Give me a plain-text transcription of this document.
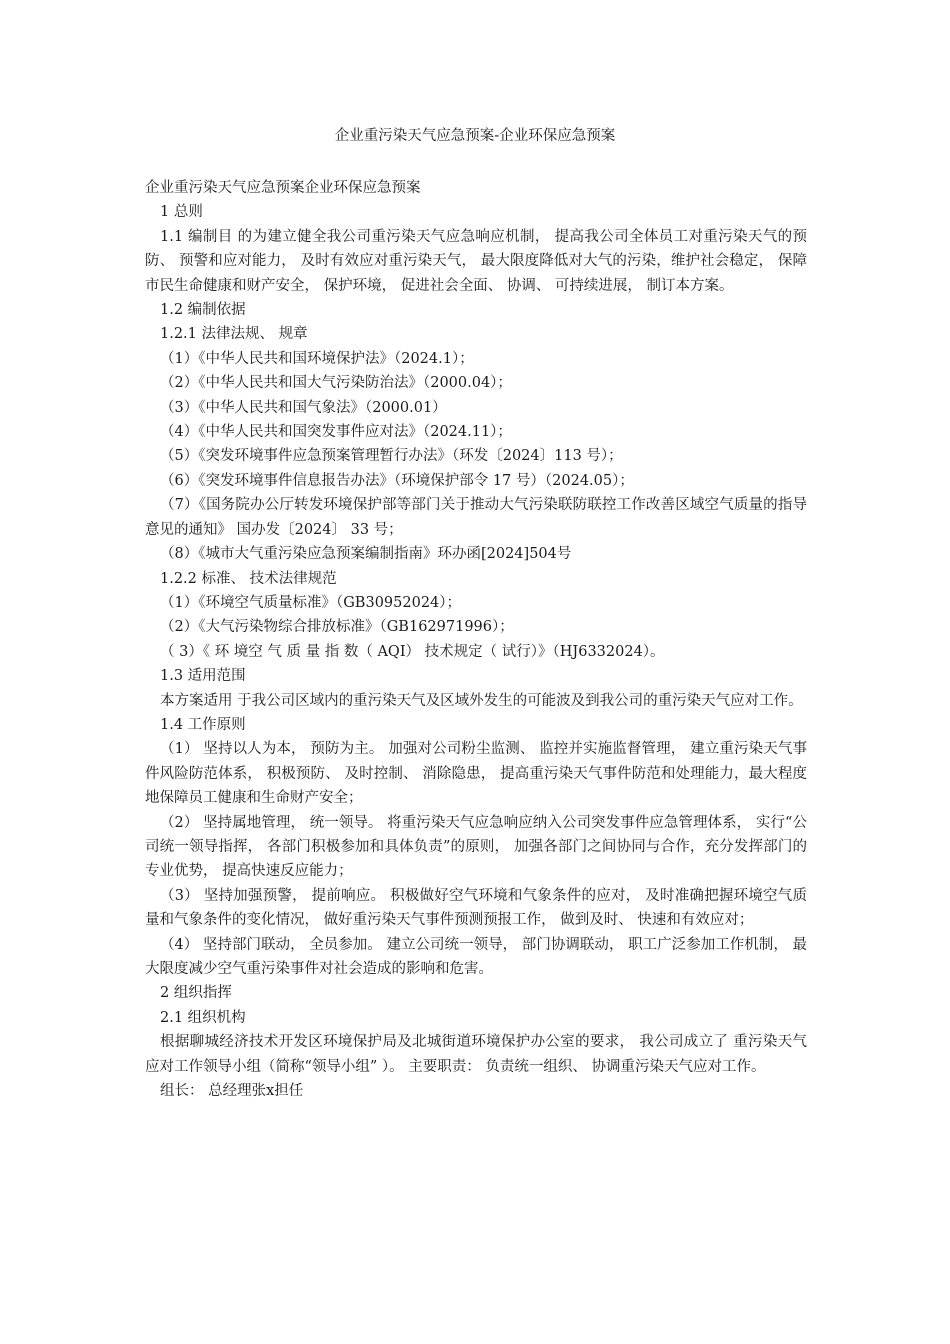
企业重污染天气应急预案-企业环保应急预案

企业重污染天气应急预案企业环保应急预案

1 总则

1.1 编制目 的为建立健全我公司重污染天气应急响应机制， 提高我公司全体员工对重污染天气的预防、 预警和应对能力， 及时有效应对重污染天气， 最大限度降低对大气的污染，维护社会稳定， 保障市民生命健康和财产安全， 保护环境， 促进社会全面、 协调、 可持续进展， 制订本方案。

1.2 编制依据

1.2.1 法律法规、 规章

（1）《中华人民共和国环境保护法》（2024.1）；

（2）《中华人民共和国大气污染防治法》（2000.04）；

（3）《中华人民共和国气象法》（2000.01）

（4）《中华人民共和国突发事件应对法》（2024.11）；

（5）《突发环境事件应急预案管理暂行办法》（环发〔2024〕113 号）；

（6）《突发环境事件信息报告办法》（环境保护部令 17 号）（2024.05）；

（7）《国务院办公厅转发环境保护部等部门关于推动大气污染联防联控工作改善区域空气质量的指导意见的通知》 国办发〔2024〕 33 号；

（8）《城市大气重污染应急预案编制指南》环办函[2024]504号

1.2.2 标准、 技术法律规范

（1）《环境空气质量标准》（GB30952024）；

（2）《大气污染物综合排放标准》（GB162971996）；

（ 3）《 环 境空 气 质 量 指 数（ AQI） 技术规定（ 试行）》（HJ6332024）。

1.3 适用范围

本方案适用 于我公司区域内的重污染天气及区域外发生的可能波及到我公司的重污染天气应对工作。

1.4 工作原则

（1） 坚持以人为本， 预防为主。 加强对公司粉尘监测、 监控并实施监督管理， 建立重污染天气事件风险防范体系， 积极预防、 及时控制、 消除隐患， 提高重污染天气事件防范和处理能力，最大程度地保障员工健康和生命财产安全；

（2） 坚持属地管理， 统一领导。 将重污染天气应急响应纳入公司突发事件应急管理体系， 实行“公司统一领导指挥， 各部门积极参加和具体负责”的原则， 加强各部门之间协同与合作，充分发挥部门的专业优势， 提高快速反应能力；

（3） 坚持加强预警， 提前响应。 积极做好空气环境和气象条件的应对， 及时准确把握环境空气质量和气象条件的变化情况， 做好重污染天气事件预测预报工作， 做到及时、 快速和有效应对；

（4） 坚持部门联动， 全员参加。 建立公司统一领导， 部门协调联动， 职工广泛参加工作机制， 最大限度减少空气重污染事件对社会造成的影响和危害。

2 组织指挥

2.1 组织机构

根据聊城经济技术开发区环境保护局及北城街道环境保护办公室的要求， 我公司成立了 重污染天气应对工作领导小组（简称“领导小组” ）。 主要职责： 负责统一组织、 协调重污染天气应对工作。

组长： 总经理张x担任
